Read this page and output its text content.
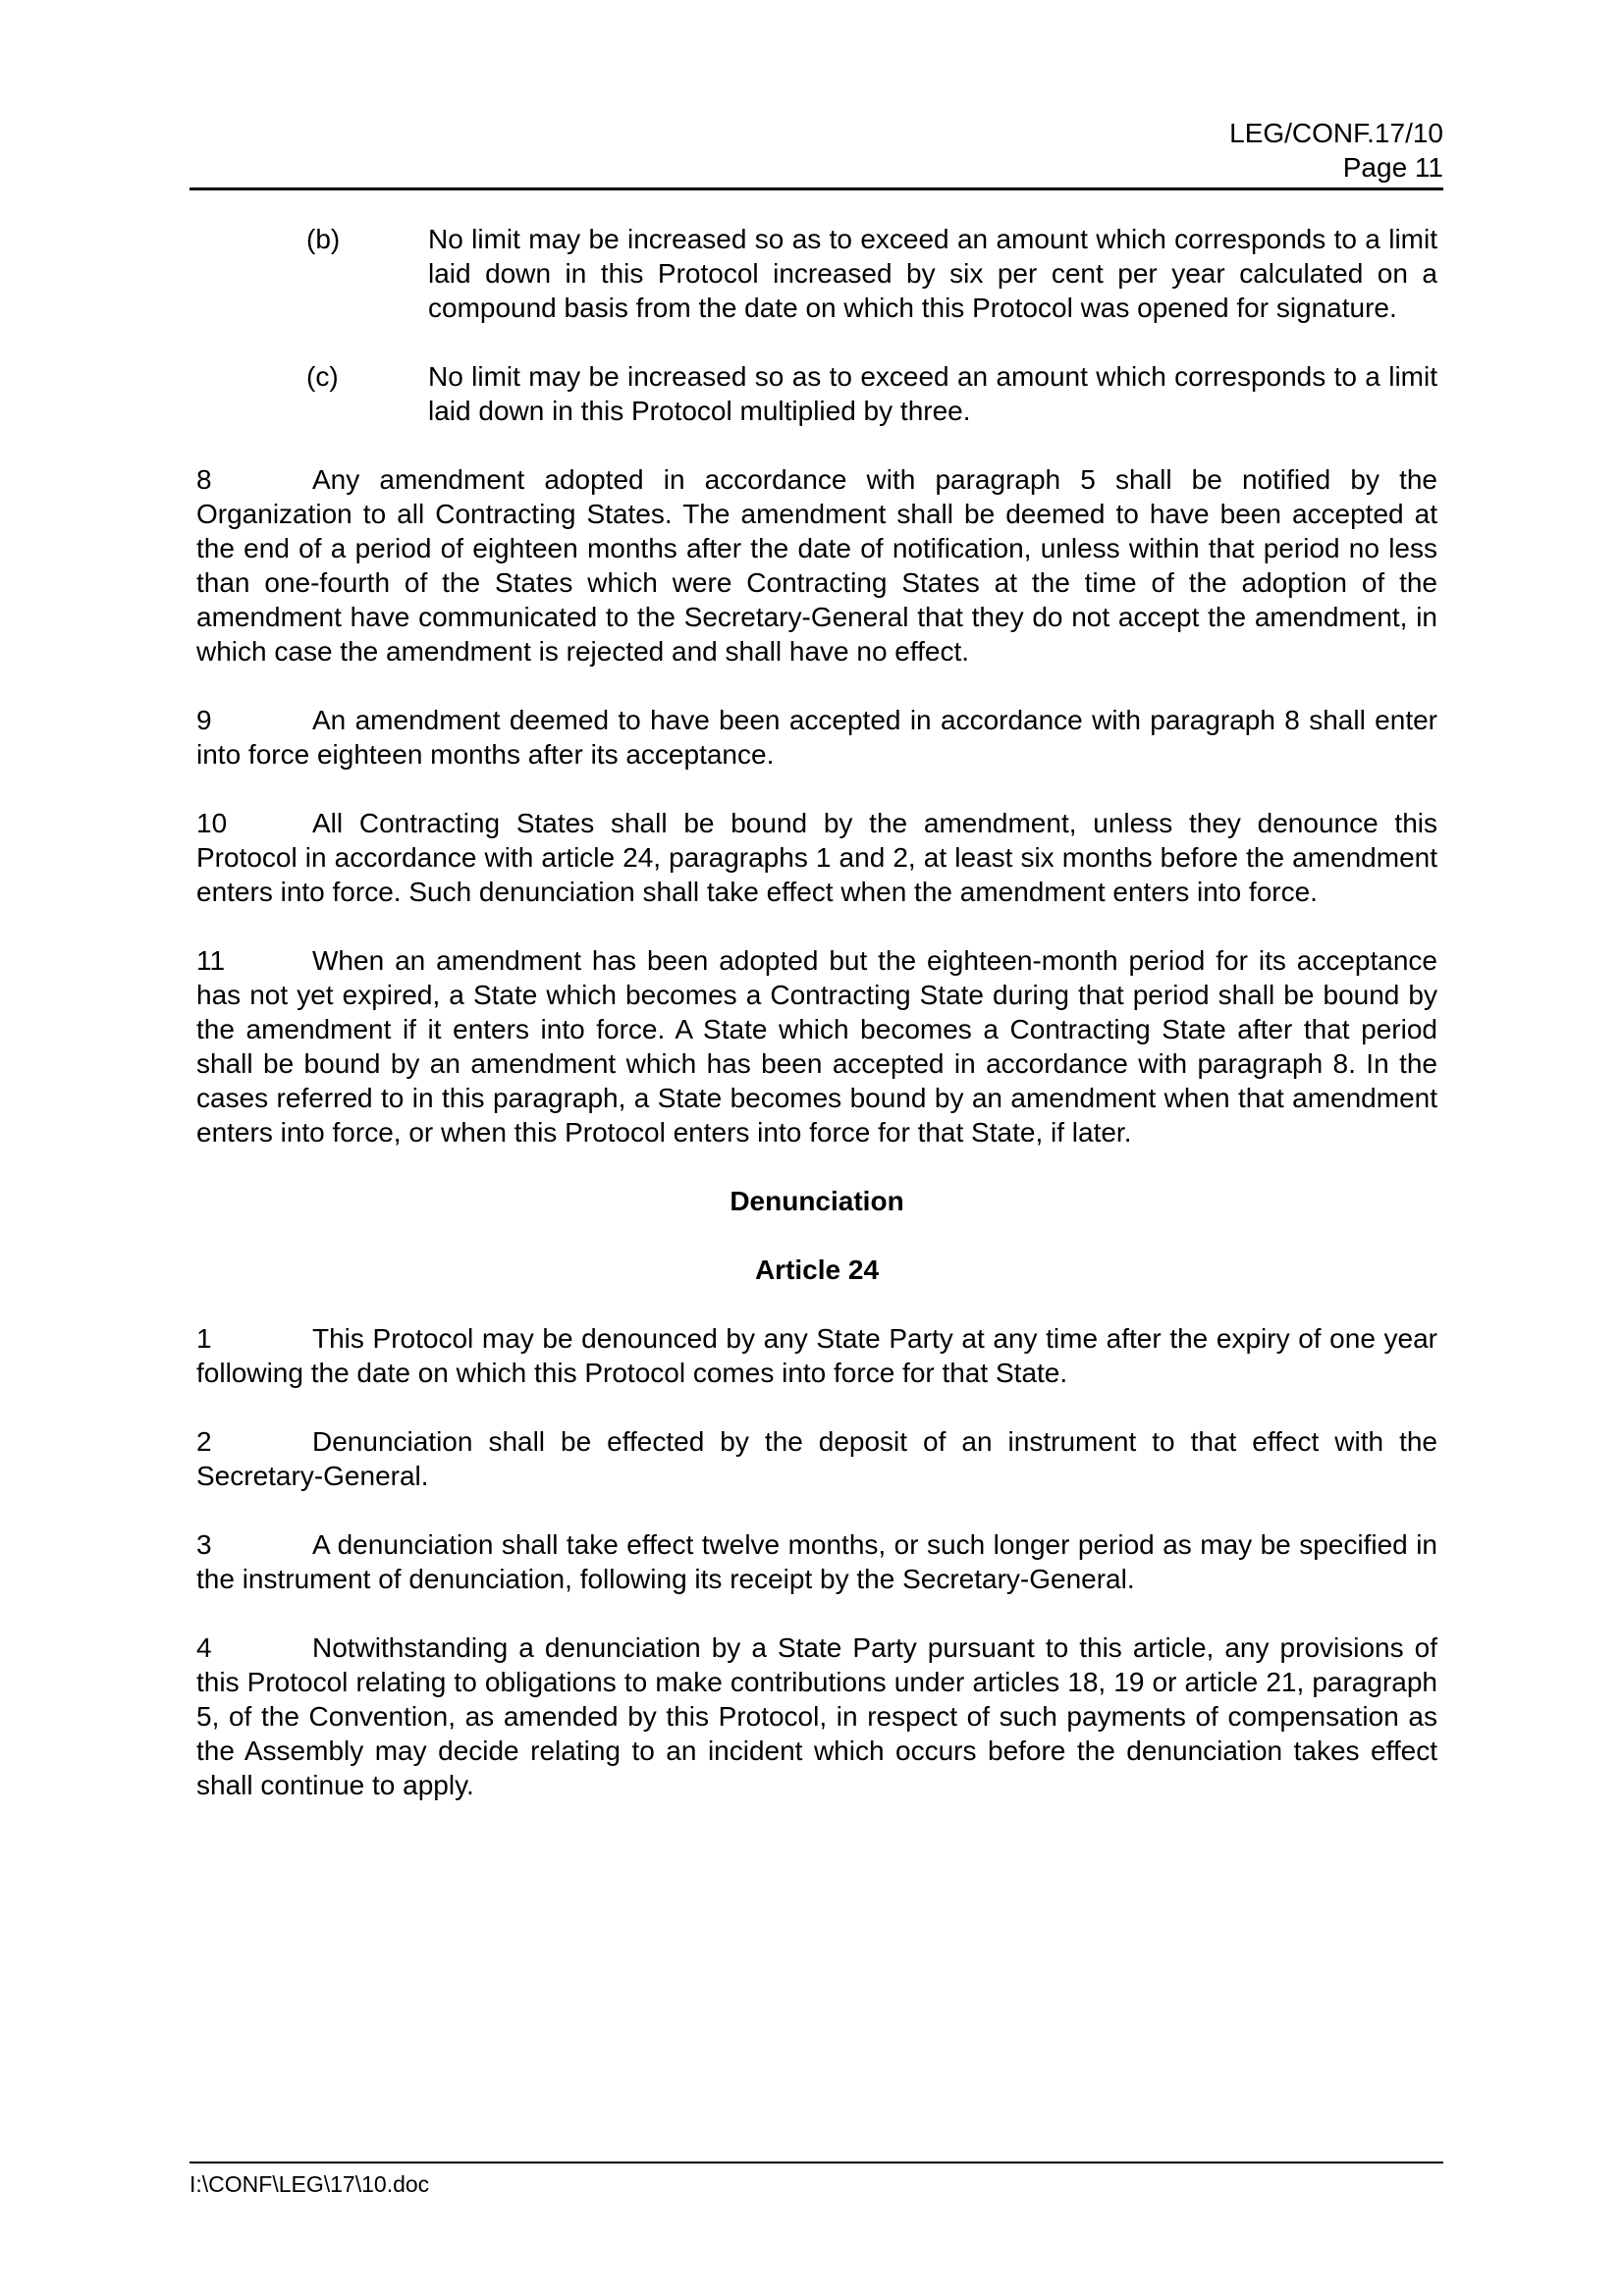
LEG/CONF.17/10
Page 11
(b)	No limit may be increased so as to exceed an amount which corresponds to a limit laid down in this Protocol increased by six per cent per year calculated on a compound basis from the date on which this Protocol was opened for signature.
(c)	No limit may be increased so as to exceed an amount which corresponds to a limit laid down in this Protocol multiplied by three.
8	Any amendment adopted in accordance with paragraph 5 shall be notified by the Organization to all Contracting States. The amendment shall be deemed to have been accepted at the end of a period of eighteen months after the date of notification, unless within that period no less than one-fourth of the States which were Contracting States at the time of the adoption of the amendment have communicated to the Secretary-General that they do not accept the amendment, in which case the amendment is rejected and shall have no effect.
9	An amendment deemed to have been accepted in accordance with paragraph 8 shall enter into force eighteen months after its acceptance.
10	All Contracting States shall be bound by the amendment, unless they denounce this Protocol in accordance with article 24, paragraphs 1 and 2, at least six months before the amendment enters into force. Such denunciation shall take effect when the amendment enters into force.
11	When an amendment has been adopted but the eighteen-month period for its acceptance has not yet expired, a State which becomes a Contracting State during that period shall be bound by the amendment if it enters into force. A State which becomes a Contracting State after that period shall be bound by an amendment which has been accepted in accordance with paragraph 8. In the cases referred to in this paragraph, a State becomes bound by an amendment when that amendment enters into force, or when this Protocol enters into force for that State, if later.
Denunciation
Article 24
1	This Protocol may be denounced by any State Party at any time after the expiry of one year following the date on which this Protocol comes into force for that State.
2	Denunciation shall be effected by the deposit of an instrument to that effect with the Secretary-General.
3	A denunciation shall take effect twelve months, or such longer period as may be specified in the instrument of denunciation, following its receipt by the Secretary-General.
4	Notwithstanding a denunciation by a State Party pursuant to this article, any provisions of this Protocol relating to obligations to make contributions under articles 18, 19 or article 21, paragraph 5, of the Convention, as amended by this Protocol, in respect of such payments of compensation as the Assembly may decide relating to an incident which occurs before the denunciation takes effect shall continue to apply.
I:\CONF\LEG\17\10.doc
